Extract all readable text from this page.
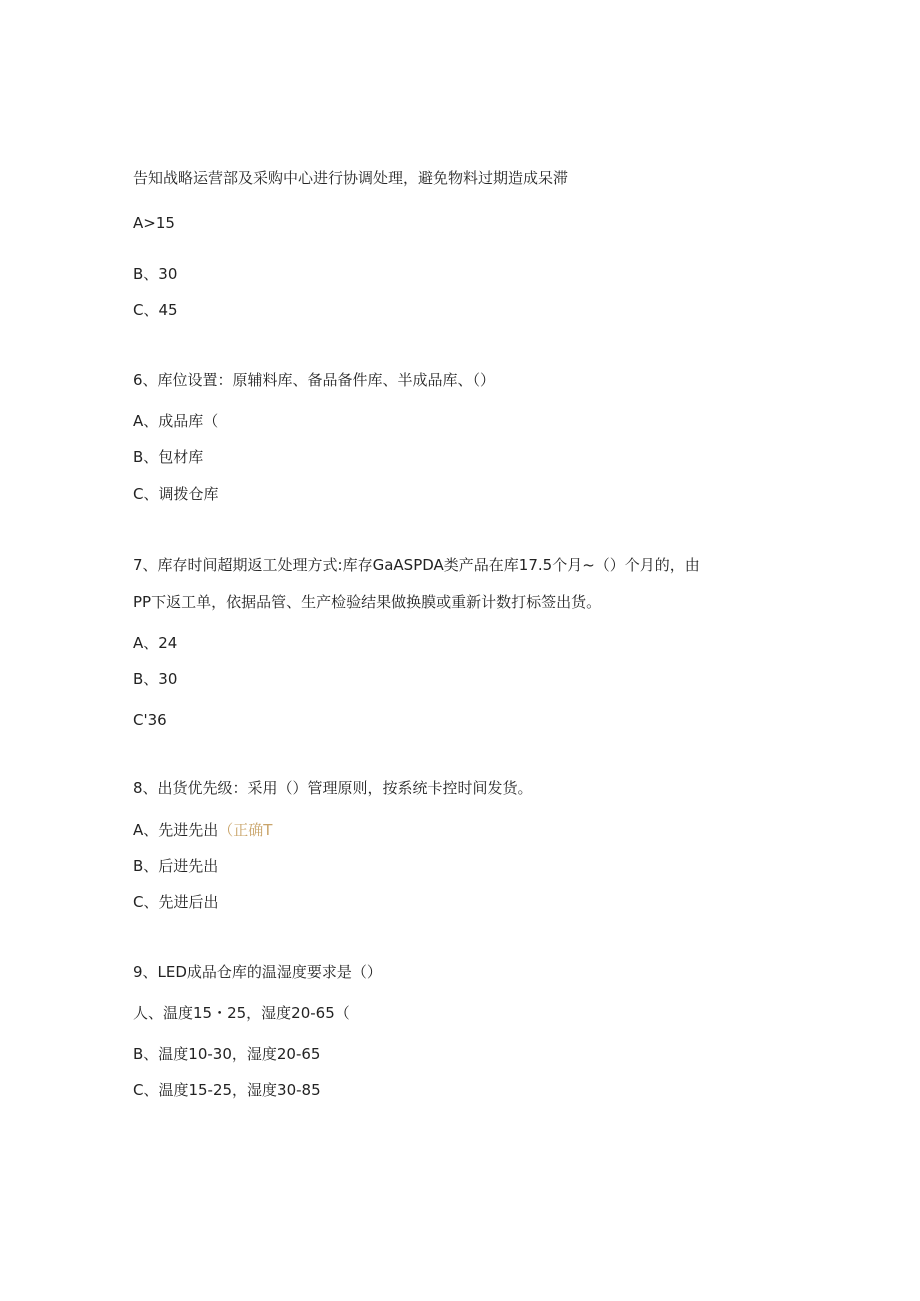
告知战略运营部及采购中心进行协调处理，避免物料过期造成呆滞
A>15
B、30
C、45
6、库位设置：原辅料库、备品备件库、半成品库、（）
A、成品库（
B、包材库
C、调拨仓库
7、库存时间超期返工处理方式:库存GaASPDA类产品在库17.5个月~（）个月的，由
PP下返工单，依据品管、生产检验结果做换膜或重新计数打标签出货。
A、24
B、30
C'36
8、出货优先级：采用（）管理原则，按系统卡控时间发货。
A、先进先出（正确T
B、后进先出
C、先进后出
9、LED成品仓库的温湿度要求是（）
人、温度15・25，湿度20-65（
B、温度10-30，湿度20-65
C、温度15-25，湿度30-85
